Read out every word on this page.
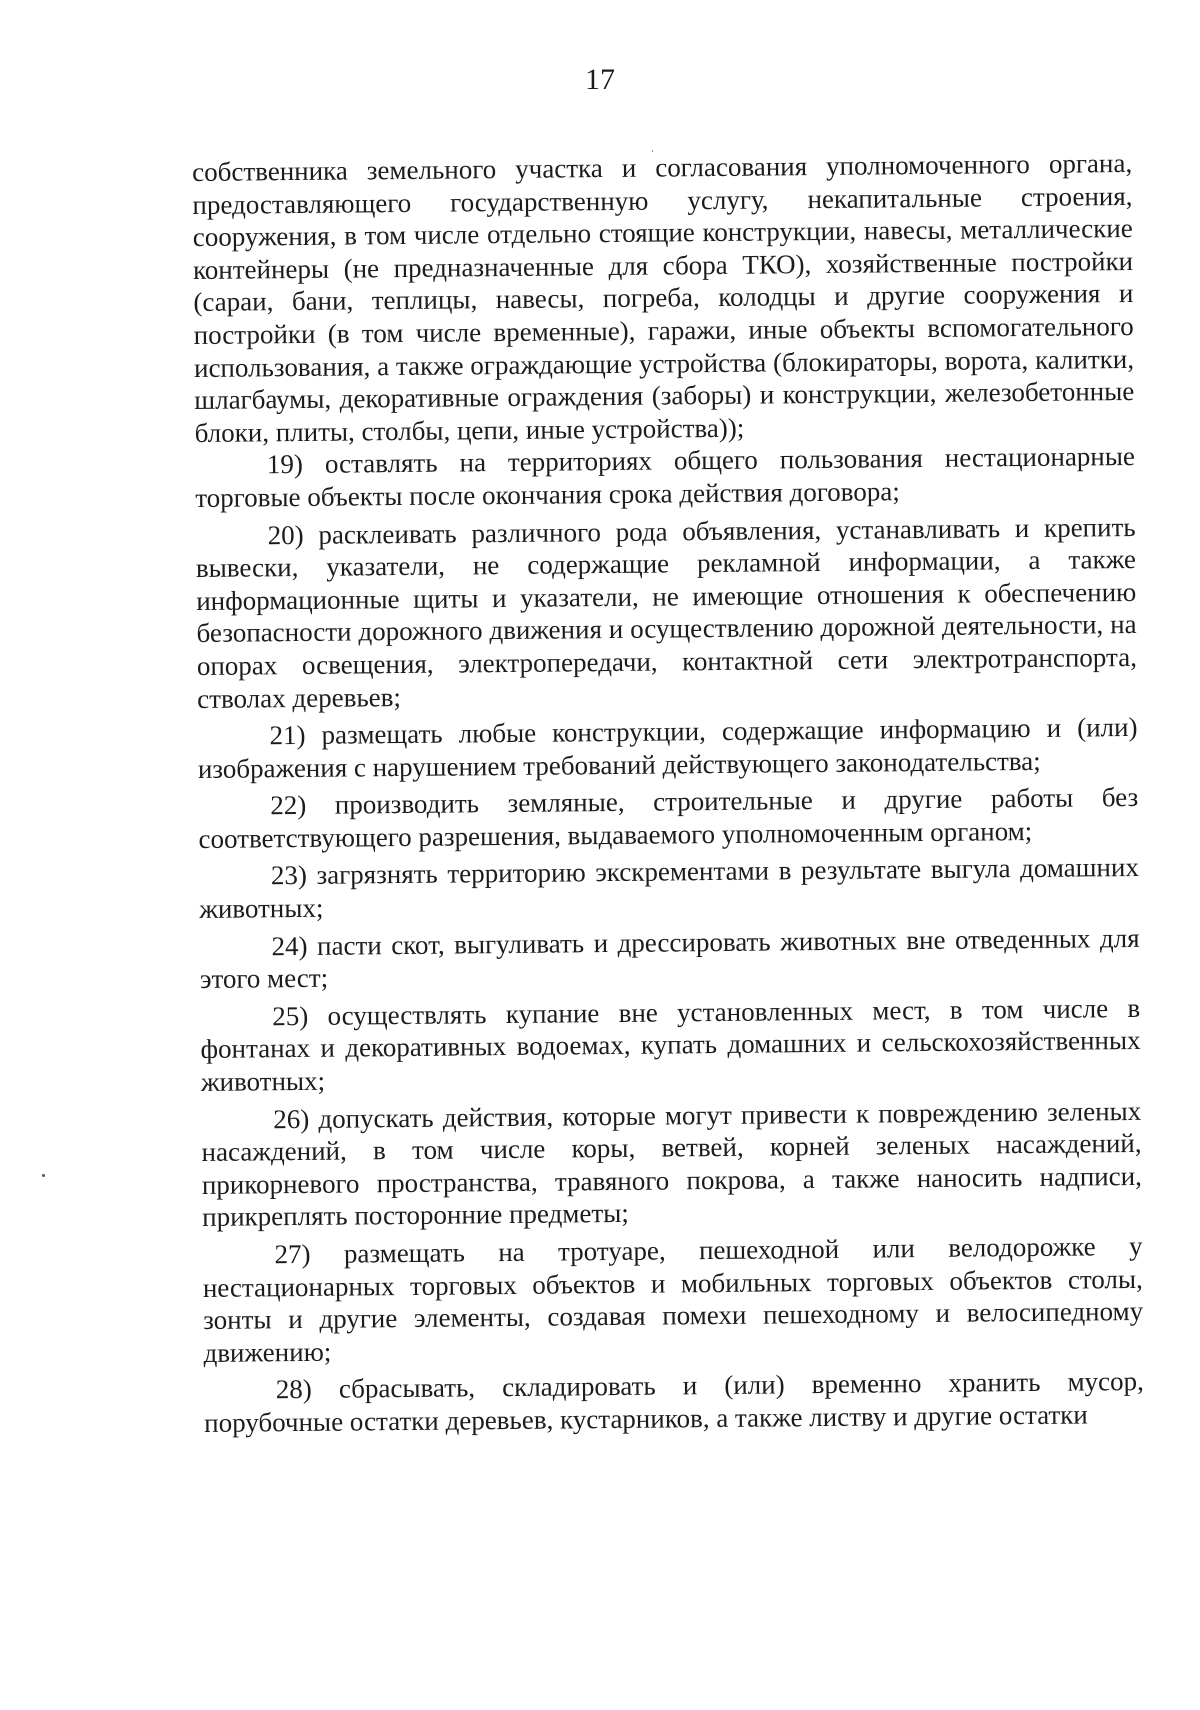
17

собственника земельного участка и согласования уполномоченного органа, предоставляющего государственную услугу, некапитальные строения, сооружения, в том числе отдельно стоящие конструкции, навесы, металлические контейнеры (не предназначенные для сбора ТКО), хозяйственные постройки (сараи, бани, теплицы, навесы, погреба, колодцы и другие сооружения и постройки (в том числе временные), гаражи, иные объекты вспомогательного использования, а также ограждающие устройства (блокираторы, ворота, калитки, шлагбаумы, декоративные ограждения (заборы) и конструкции, железобетонные блоки, плиты, столбы, цепи, иные устройства));

19) оставлять на территориях общего пользования нестационарные торговые объекты после окончания срока действия договора;

20) расклеивать различного рода объявления, устанавливать и крепить вывески, указатели, не содержащие рекламной информации, а также информационные щиты и указатели, не имеющие отношения к обеспечению безопасности дорожного движения и осуществлению дорожной деятельности, на опорах освещения, электропередачи, контактной сети электротранспорта, стволах деревьев;

21) размещать любые конструкции, содержащие информацию и (или) изображения с нарушением требований действующего законодательства;

22) производить земляные, строительные и другие работы без соответствующего разрешения, выдаваемого уполномоченным органом;

23) загрязнять территорию экскрементами в результате выгула домашних животных;

24) пасти скот, выгуливать и дрессировать животных вне отведенных для этого мест;

25) осуществлять купание вне установленных мест, в том числе в фонтанах и декоративных водоемах, купать домашних и сельскохозяйственных животных;

26) допускать действия, которые могут привести к повреждению зеленых насаждений, в том числе коры, ветвей, корней зеленых насаждений, прикорневого пространства, травяного покрова, а также наносить надписи, прикреплять посторонние предметы;

27) размещать на тротуаре, пешеходной или велодорожке у нестационарных торговых объектов и мобильных торговых объектов столы, зонты и другие элементы, создавая помехи пешеходному и велосипедному движению;

28) сбрасывать, складировать и (или) временно хранить мусор, порубочные остатки деревьев, кустарников, а также листву и другие остатки
